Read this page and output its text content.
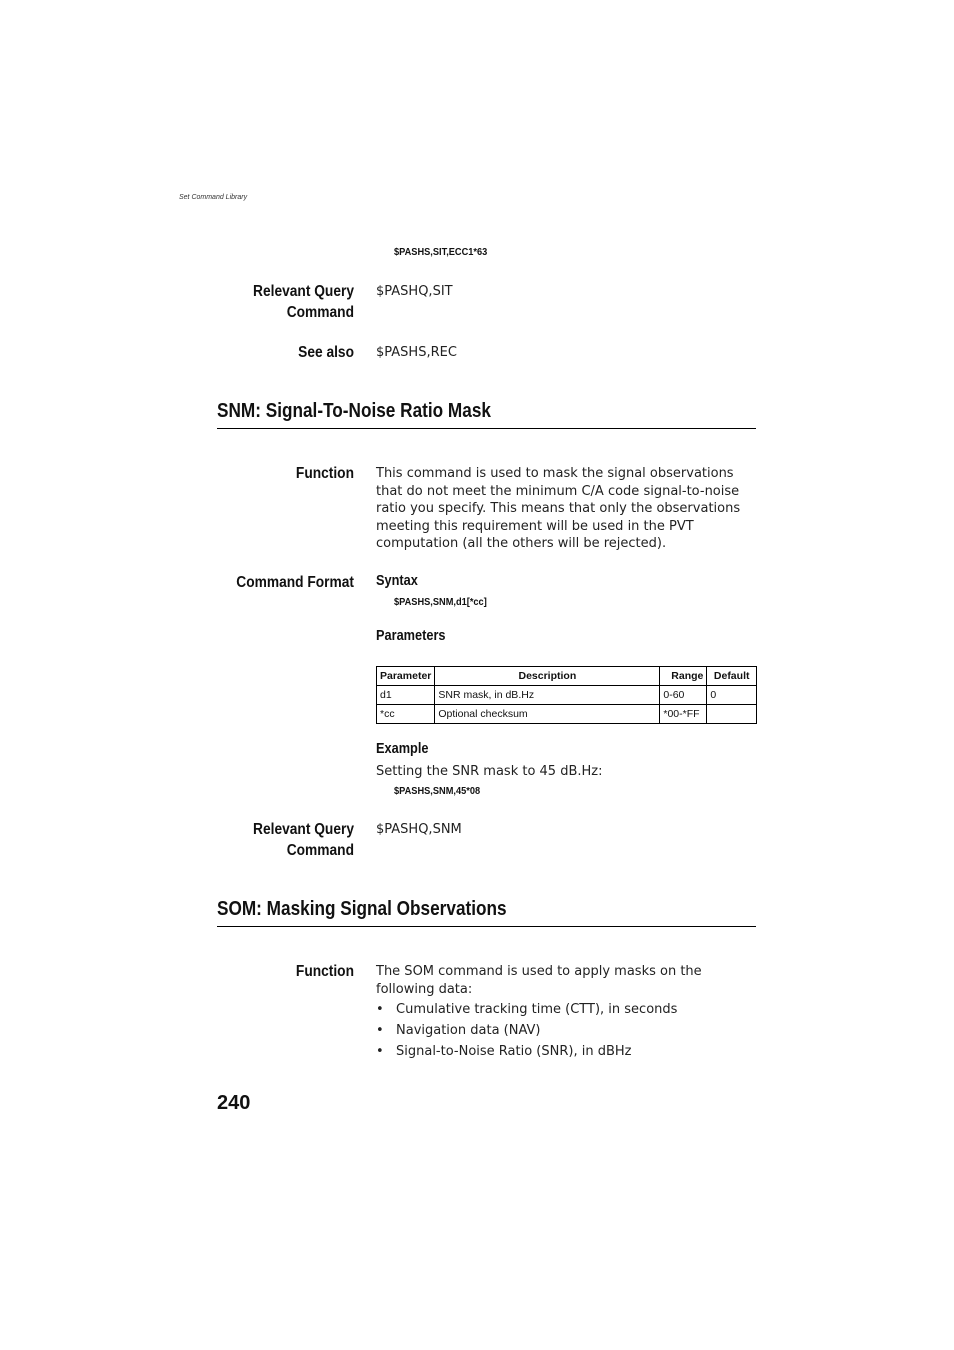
Set Command Library
$PASHS,SIT,ECC1*63
Relevant Query
Command
$PASHQ,SIT
See also $PASHS,REC
SNM: Signal-To-Noise Ratio Mask
Function This command is used to mask the signal observations that do not meet the minimum C/A code signal-to-noise ratio you specify. This means that only the observations meeting this requirement will be used in the PVT computation (all the others will be rejected).
Command Format Syntax
$PASHS,SNM,d1[*cc]
Parameters
Parameter	Description	Range	Default
d1	SNR mask, in dB.Hz	0-60	0
*cc	Optional checksum	*00-*FF	
Example
Setting the SNR mask to 45 dB.Hz:
$PASHS,SNM,45*08
Relevant Query
Command
$PASHQ,SNM
SOM: Masking Signal Observations
Function The SOM command is used to apply masks on the following data:
• Cumulative tracking time (CTT), in seconds
• Navigation data (NAV)
• Signal-to-Noise Ratio (SNR), in dBHz
240
